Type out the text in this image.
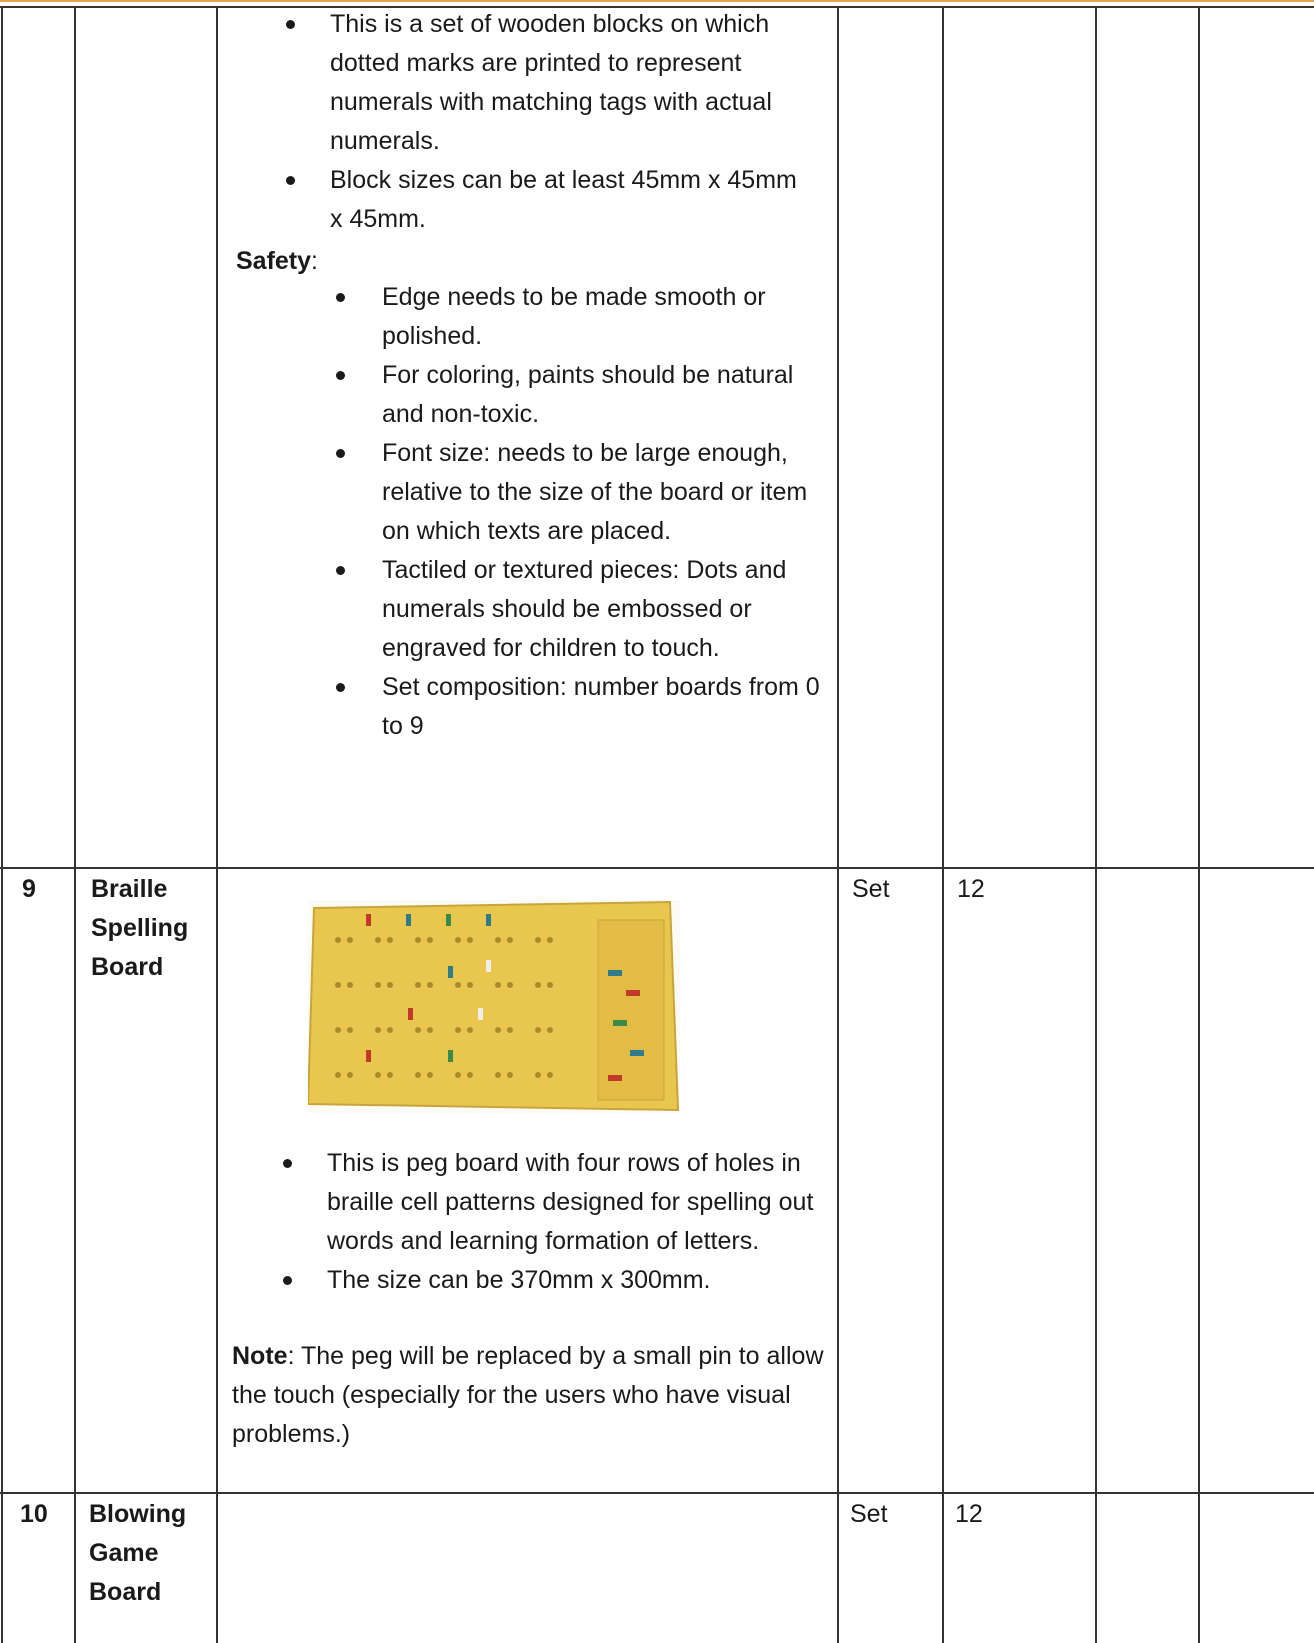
This is a set of wooden blocks on which dotted marks are printed to represent numerals with matching tags with actual numerals.
Block sizes can be at least 45mm x 45mm x 45mm.

Safety:

Edge needs to be made smooth or polished.
For coloring, paints should be natural and non-toxic.
Font size: needs to be large enough, relative to the size of the board or item on which texts are placed.
Tactiled or textured pieces: Dots and numerals should be embossed or engraved for children to touch.
Set composition: number boards from 0 to 9

9 Braille Spelling Board

Set	12

This is peg board with four rows of holes in braille cell patterns designed for spelling out words and learning formation of letters.
The size can be 370mm x 300mm.

Note: The peg will be replaced by a small pin to allow the touch (especially for the users who have visual problems.)

10 Blowing Game Board

Set	12
